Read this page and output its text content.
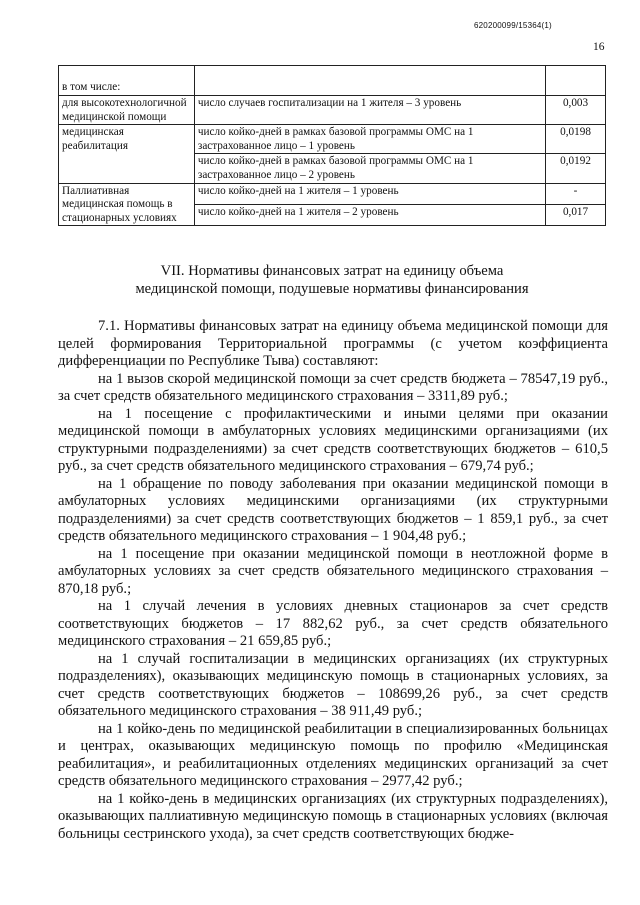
620200099/15364(1)
16
в том числе:		
для высокотехнологичной медицинской помощи	число случаев госпитализации на 1 жителя – 3 уровень	0,003
медицинская реабилитация	число койко-дней в рамках базовой программы ОМС на 1 застрахованное лицо – 1 уровень	0,0198
	число койко-дней в рамках базовой программы ОМС на 1 застрахованное лицо – 2 уровень	0,0192
Паллиативная медицинская помощь в стационарных условиях	число койко-дней на 1 жителя – 1 уровень	-
	число койко-дней на 1 жителя – 2 уровень	0,017
VII. Нормативы финансовых затрат на единицу объема
медицинской помощи, подушевые нормативы финансирования

7.1. Нормативы финансовых затрат на единицу объема медицинской помощи для целей формирования Территориальной программы (с учетом коэффициента дифференциации по Республике Тыва) составляют:

на 1 вызов скорой медицинской помощи за счет средств бюджета – 78547,19 руб., за счет средств обязательного медицинского страхования – 3311,89 руб.;

на 1 посещение с профилактическими и иными целями при оказании медицинской помощи в амбулаторных условиях медицинскими организациями (их структурными подразделениями) за счет средств соответствующих бюджетов – 610,5 руб., за счет средств обязательного медицинского страхования – 679,74 руб.;

на 1 обращение по поводу заболевания при оказании медицинской помощи в амбулаторных условиях медицинскими организациями (их структурными подразделениями) за счет средств соответствующих бюджетов – 1 859,1 руб., за счет средств обязательного медицинского страхования – 1 904,48 руб.;

на 1 посещение при оказании медицинской помощи в неотложной форме в амбулаторных условиях за счет средств обязательного медицинского страхования – 870,18 руб.;

на 1 случай лечения в условиях дневных стационаров за счет средств соответствующих бюджетов – 17 882,62 руб., за счет средств обязательного медицинского страхования – 21 659,85 руб.;

на 1 случай госпитализации в медицинских организациях (их структурных подразделениях), оказывающих медицинскую помощь в стационарных условиях, за счет средств соответствующих бюджетов – 108699,26 руб., за счет средств обязательного медицинского страхования – 38 911,49 руб.;

на 1 койко-день по медицинской реабилитации в специализированных больницах и центрах, оказывающих медицинскую помощь по профилю «Медицинская реабилитация», и реабилитационных отделениях медицинских организаций за счет средств обязательного медицинского страхования – 2977,42 руб.;

на 1 койко-день в медицинских организациях (их структурных подразделениях), оказывающих паллиативную медицинскую помощь в стационарных условиях (включая больницы сестринского ухода), за счет средств соответствующих бюдже-
